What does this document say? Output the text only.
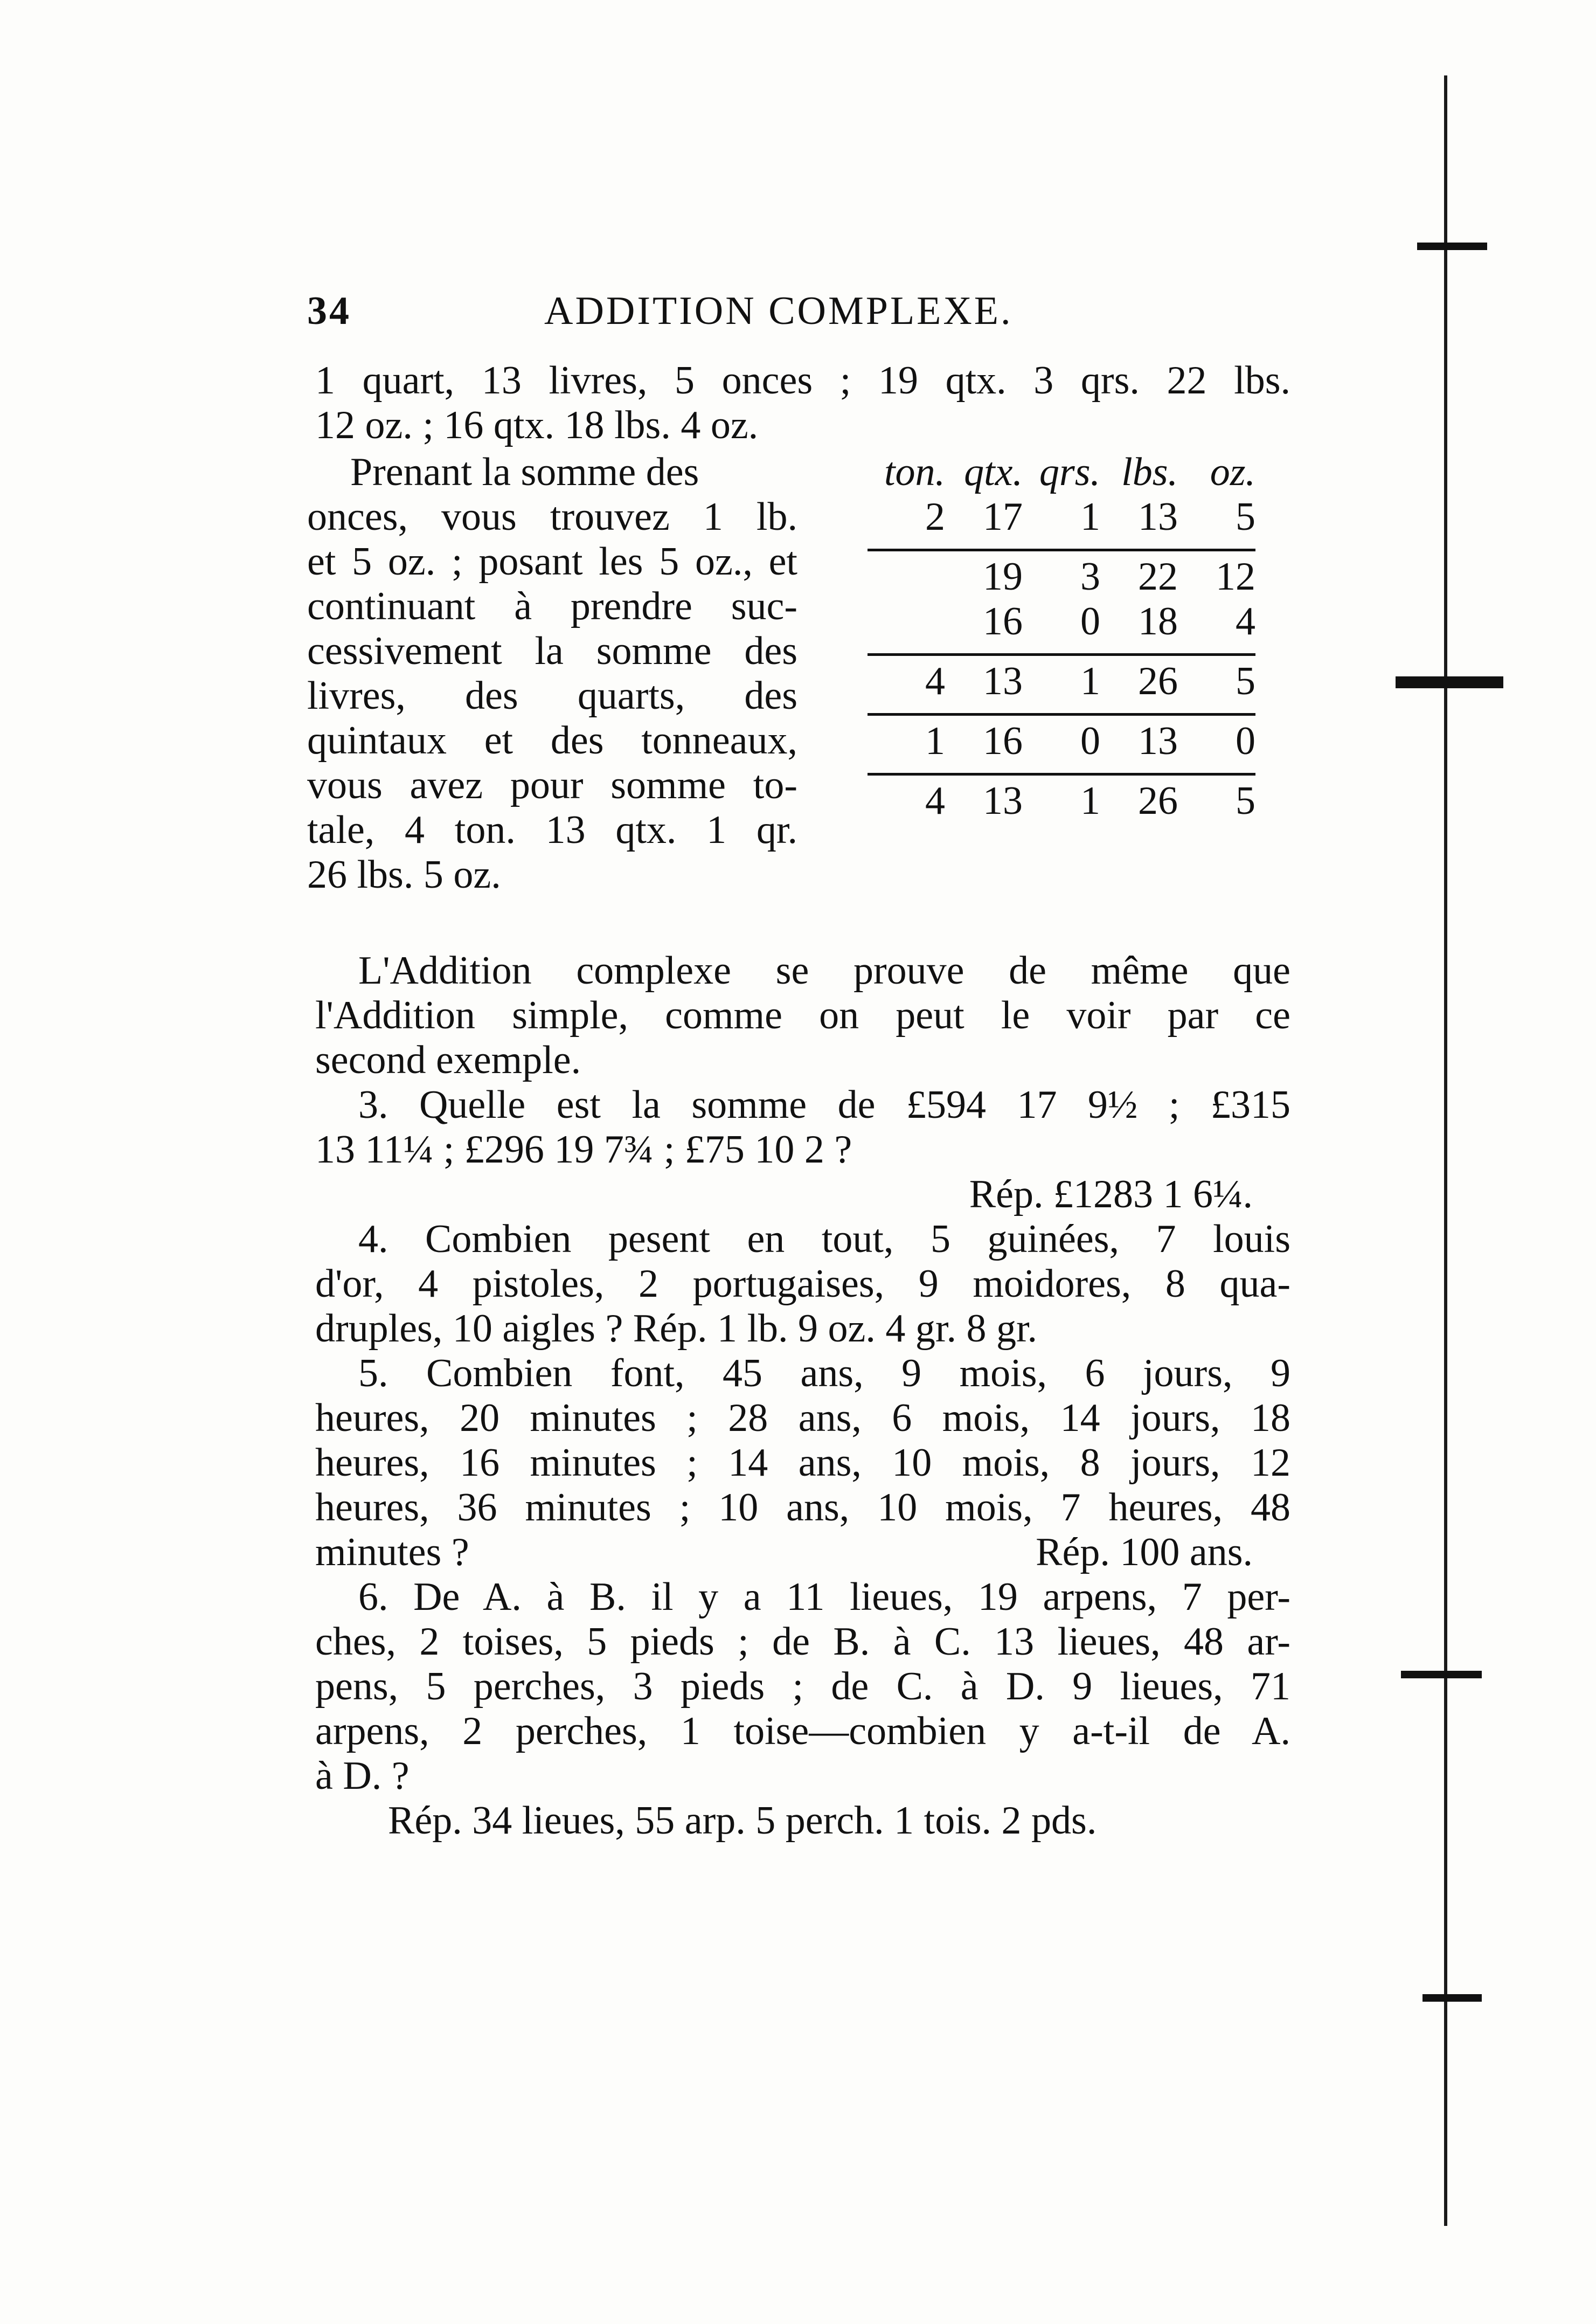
34	ADDITION COMPLEXE.
1 quart, 13 livres, 5 onces ; 19 qtx. 3 qrs. 22 lbs.
12 oz. ; 16 qtx. 18 lbs. 4 oz.
Prenant la somme des
onces, vous trouvez 1 lb.
et 5 oz. ; posant les 5 oz., et
continuant à prendre suc-
cessivement la somme des
livres, des quarts, des
quintaux et des tonneaux,
vous avez pour somme to-
tale, 4 ton. 13 qtx. 1 qr.
26 lbs. 5 oz.
ton.	qtx.	qrs.	lbs.	oz.
2	17	1	13	5

	19	3	22	12
	16	0	18	4

4	13	1	26	5

1	16	0	13	0

4	13	1	26	5
L'Addition complexe se prouve de même que
l'Addition simple, comme on peut le voir par ce
second exemple.
3. Quelle est la somme de £594 17 9½ ; £315
13 11¼ ; £296 19 7¾ ; £75 10 2 ?
Rép. £1283 1 6¼.
4. Combien pesent en tout, 5 guinées, 7 louis
d'or, 4 pistoles, 2 portugaises, 9 moidores, 8 qua-
druples, 10 aigles ? Rép. 1 lb. 9 oz. 4 gr. 8 gr.
5. Combien font, 45 ans, 9 mois, 6 jours, 9
heures, 20 minutes ; 28 ans, 6 mois, 14 jours, 18
heures, 16 minutes ; 14 ans, 10 mois, 8 jours, 12
heures, 36 minutes ; 10 ans, 10 mois, 7 heures, 48
minutes ?	Rép. 100 ans.
6. De A. à B. il y a 11 lieues, 19 arpens, 7 per-
ches, 2 toises, 5 pieds ; de B. à C. 13 lieues, 48 ar-
pens, 5 perches, 3 pieds ; de C. à D. 9 lieues, 71
arpens, 2 perches, 1 toise—combien y a-t-il de A.
à D. ?
Rép. 34 lieues, 55 arp. 5 perch. 1 tois. 2 pds.
